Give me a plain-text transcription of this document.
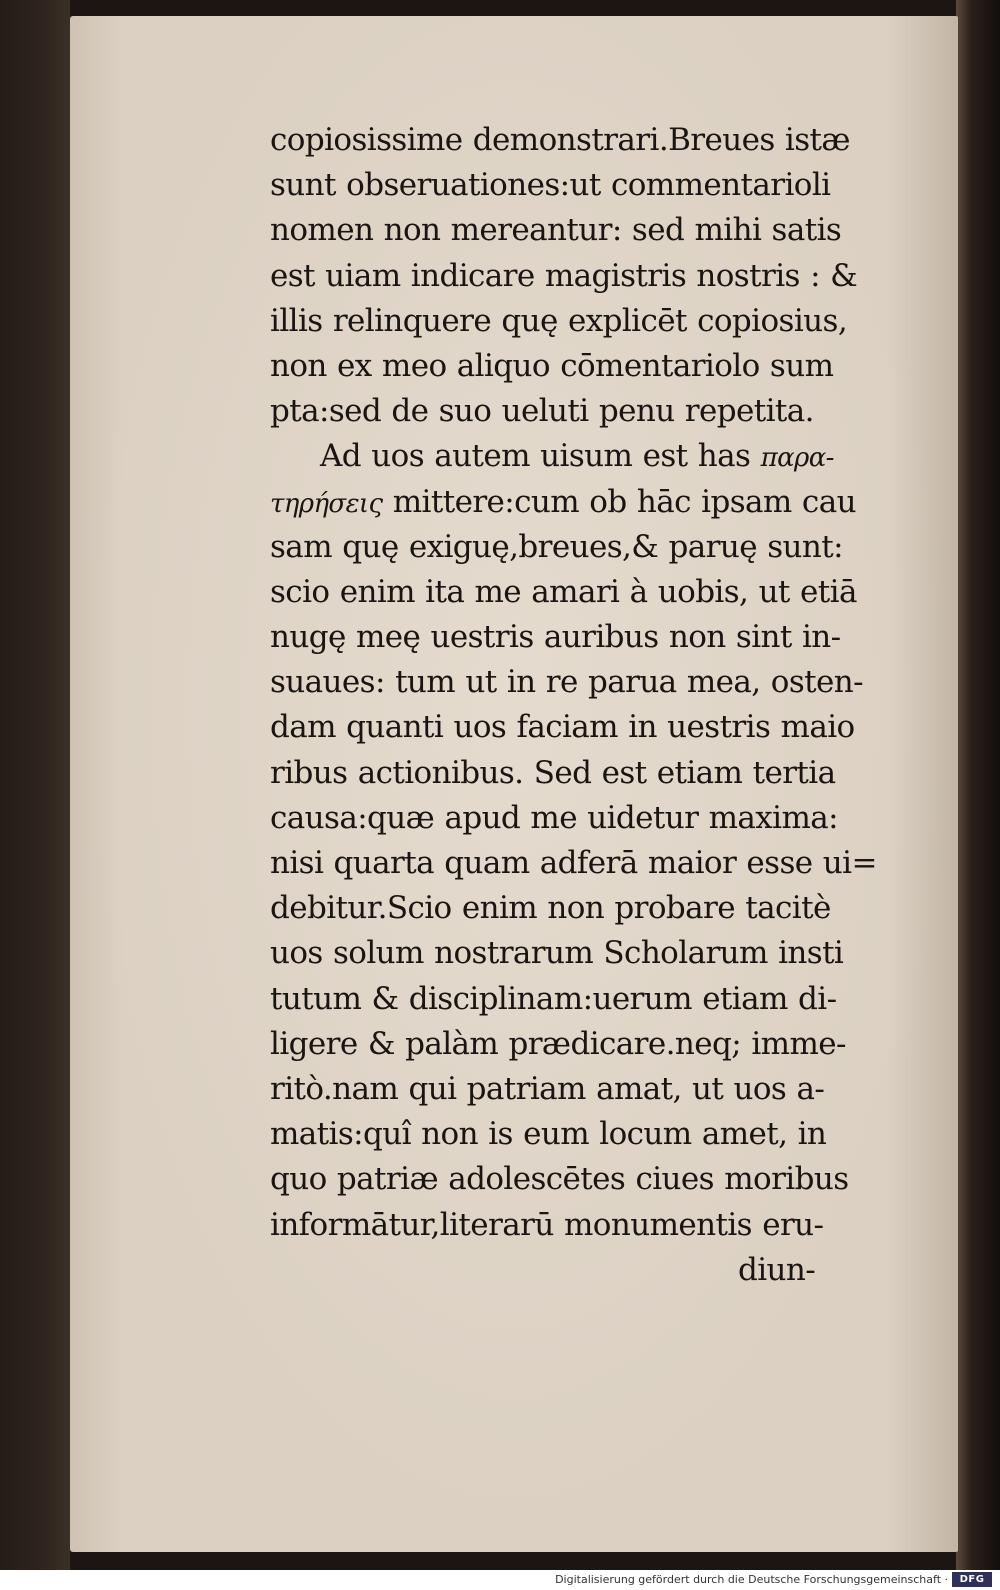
copiosissime demonstrari.Breues istæ
sunt obseruationes:ut commentarioli
nomen non mereantur: sed mihi satis
est uiam indicare magistris nostris : &
illis relinquere quę explicēt copiosius,
non ex meo aliquo cōmentariolo sum
pta:sed de suo ueluti penu repetita.
Ad uos autem uisum est has παρα-
τηρήσεις mittere:cum ob hāc ipsam cau
sam quę exiguę,breues,& paruę sunt:
scio enim ita me amari à uobis, ut etiā
nugę meę uestris auribus non sint in-
suaues: tum ut in re parua mea, osten-
dam quanti uos faciam in uestris maio
ribus actionibus. Sed est etiam tertia
causa:quæ apud me uidetur maxima:
nisi quarta quam adferā maior esse ui=
debitur.Scio enim non probare tacitè
uos solum nostrarum Scholarum insti
tutum & disciplinam:uerum etiam di-
ligere & palàm prædicare.neq; imme-
ritò.nam qui patriam amat, ut uos a-
matis:quî non is eum locum amet, in
quo patriæ adolescētes ciues moribus
informātur,literarū monumentis eru-
diun-
Digitalisierung gefördert durch die Deutsche Forschungsgemeinschaft ·	DFG
